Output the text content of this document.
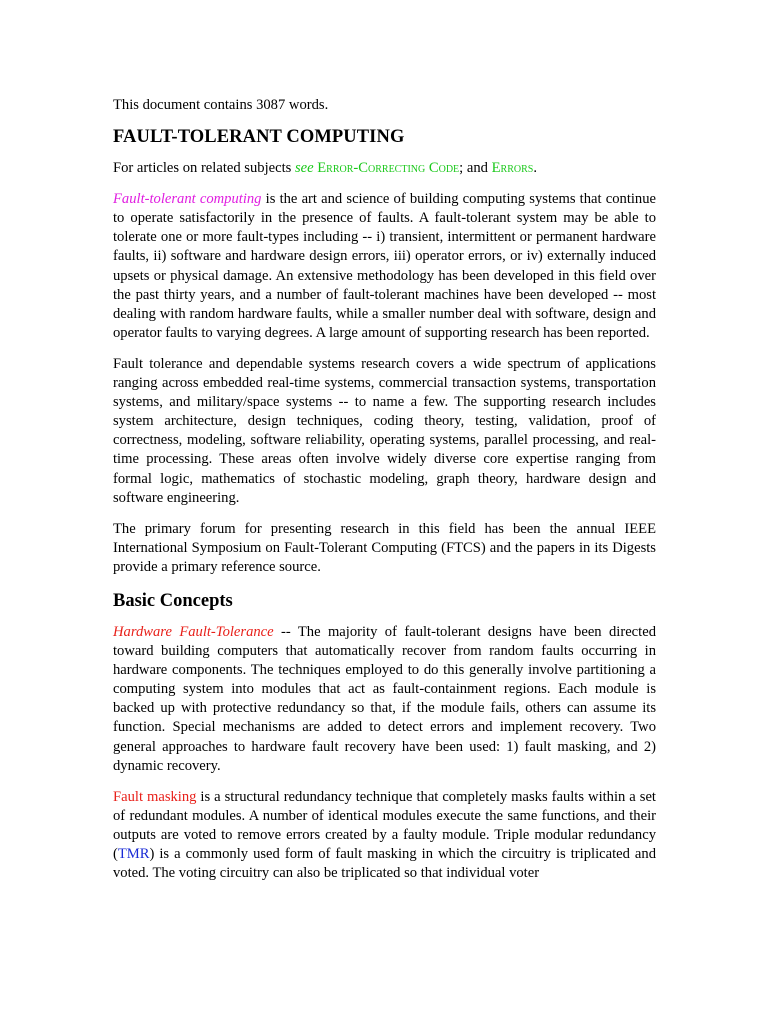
This document contains 3087 words.

FAULT-TOLERANT COMPUTING

For articles on related subjects see Error-Correcting Code; and Errors.

Fault-tolerant computing is the art and science of building computing systems that continue to operate satisfactorily in the presence of faults. A fault-tolerant system may be able to tolerate one or more fault-types including -- i) transient, intermittent or permanent hardware faults, ii) software and hardware design errors, iii) operator errors, or iv) externally induced upsets or physical damage. An extensive methodology has been developed in this field over the past thirty years, and a number of fault-tolerant machines have been developed -- most dealing with random hardware faults, while a smaller number deal with software, design and operator faults to varying degrees. A large amount of supporting research has been reported.

Fault tolerance and dependable systems research covers a wide spectrum of applications ranging across embedded real-time systems, commercial transaction systems, transportation systems, and military/space systems -- to name a few. The supporting research includes system architecture, design techniques, coding theory, testing, validation, proof of correctness, modeling, software reliability, operating systems, parallel processing, and real-time processing. These areas often involve widely diverse core expertise ranging from formal logic, mathematics of stochastic modeling, graph theory, hardware design and software engineering.

The primary forum for presenting research in this field has been the annual IEEE International Symposium on Fault-Tolerant Computing (FTCS) and the papers in its Digests provide a primary reference source.

Basic Concepts

Hardware Fault-Tolerance -- The majority of fault-tolerant designs have been directed toward building computers that automatically recover from random faults occurring in hardware components. The techniques employed to do this generally involve partitioning a computing system into modules that act as fault-containment regions. Each module is backed up with protective redundancy so that, if the module fails, others can assume its function. Special mechanisms are added to detect errors and implement recovery. Two general approaches to hardware fault recovery have been used: 1) fault masking, and 2) dynamic recovery.

Fault masking is a structural redundancy technique that completely masks faults within a set of redundant modules. A number of identical modules execute the same functions, and their outputs are voted to remove errors created by a faulty module. Triple modular redundancy (TMR) is a commonly used form of fault masking in which the circuitry is triplicated and voted. The voting circuitry can also be triplicated so that individual voter
